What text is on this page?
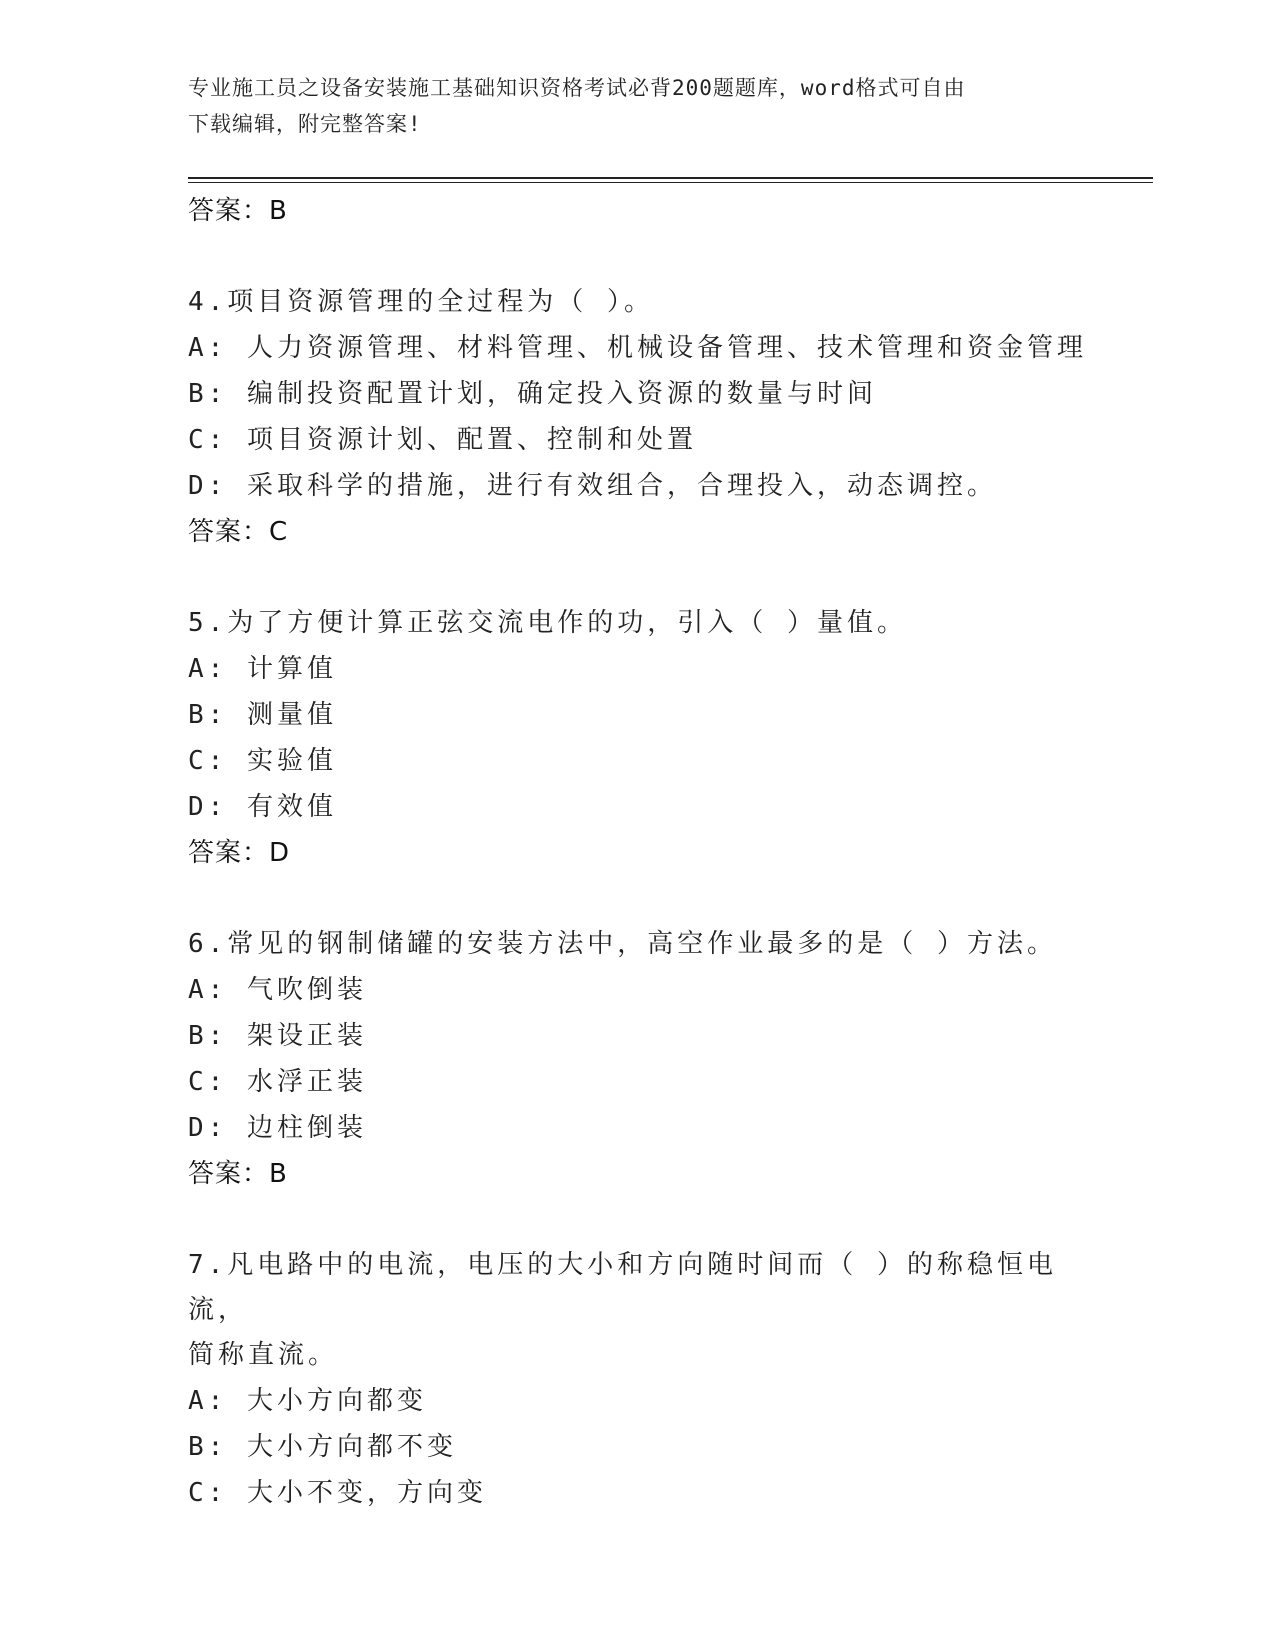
专业施工员之设备安装施工基础知识资格考试必背200题题库，word格式可自由
下载编辑，附完整答案!
答案：B
4.项目资源管理的全过程为（ ）。
A: 人力资源管理、材料管理、机械设备管理、技术管理和资金管理
B: 编制投资配置计划，确定投入资源的数量与时间
C: 项目资源计划、配置、控制和处置
D: 采取科学的措施，进行有效组合，合理投入，动态调控。
答案：C
5.为了方便计算正弦交流电作的功，引入（ ）量值。
A: 计算值
B: 测量值
C: 实验值
D: 有效值
答案：D
6.常见的钢制储罐的安装方法中，高空作业最多的是（ ）方法。
A: 气吹倒装
B: 架设正装
C: 水浮正装
D: 边柱倒装
答案：B
7.凡电路中的电流，电压的大小和方向随时间而（ ）的称稳恒电流，
简称直流。
A: 大小方向都变
B: 大小方向都不变
C: 大小不变，方向变
